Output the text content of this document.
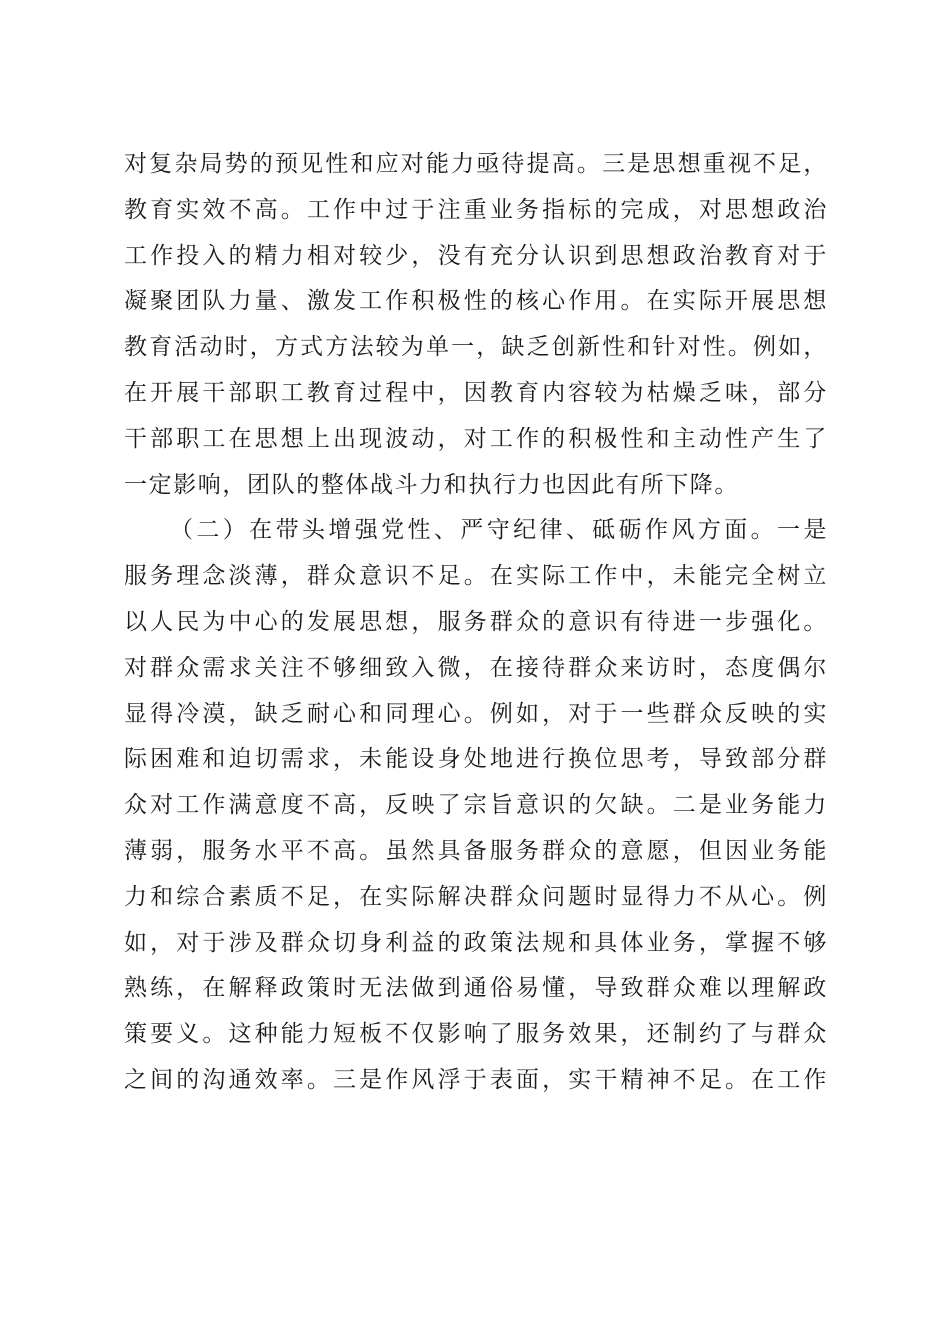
对复杂局势的预见性和应对能力亟待提高。三是思想重视不足，
教育实效不高。工作中过于注重业务指标的完成，对思想政治
工作投入的精力相对较少，没有充分认识到思想政治教育对于
凝聚团队力量、激发工作积极性的核心作用。在实际开展思想
教育活动时，方式方法较为单一，缺乏创新性和针对性。例如，
在开展干部职工教育过程中，因教育内容较为枯燥乏味，部分
干部职工在思想上出现波动，对工作的积极性和主动性产生了
一定影响，团队的整体战斗力和执行力也因此有所下降。
（二）在带头增强党性、严守纪律、砥砺作风方面。一是
服务理念淡薄，群众意识不足。在实际工作中，未能完全树立
以人民为中心的发展思想，服务群众的意识有待进一步强化。
对群众需求关注不够细致入微，在接待群众来访时，态度偶尔
显得冷漠，缺乏耐心和同理心。例如，对于一些群众反映的实
际困难和迫切需求，未能设身处地进行换位思考，导致部分群
众对工作满意度不高，反映了宗旨意识的欠缺。二是业务能力
薄弱，服务水平不高。虽然具备服务群众的意愿，但因业务能
力和综合素质不足，在实际解决群众问题时显得力不从心。例
如，对于涉及群众切身利益的政策法规和具体业务，掌握不够
熟练，在解释政策时无法做到通俗易懂，导致群众难以理解政
策要义。这种能力短板不仅影响了服务效果，还制约了与群众
之间的沟通效率。三是作风浮于表面，实干精神不足。在工作
